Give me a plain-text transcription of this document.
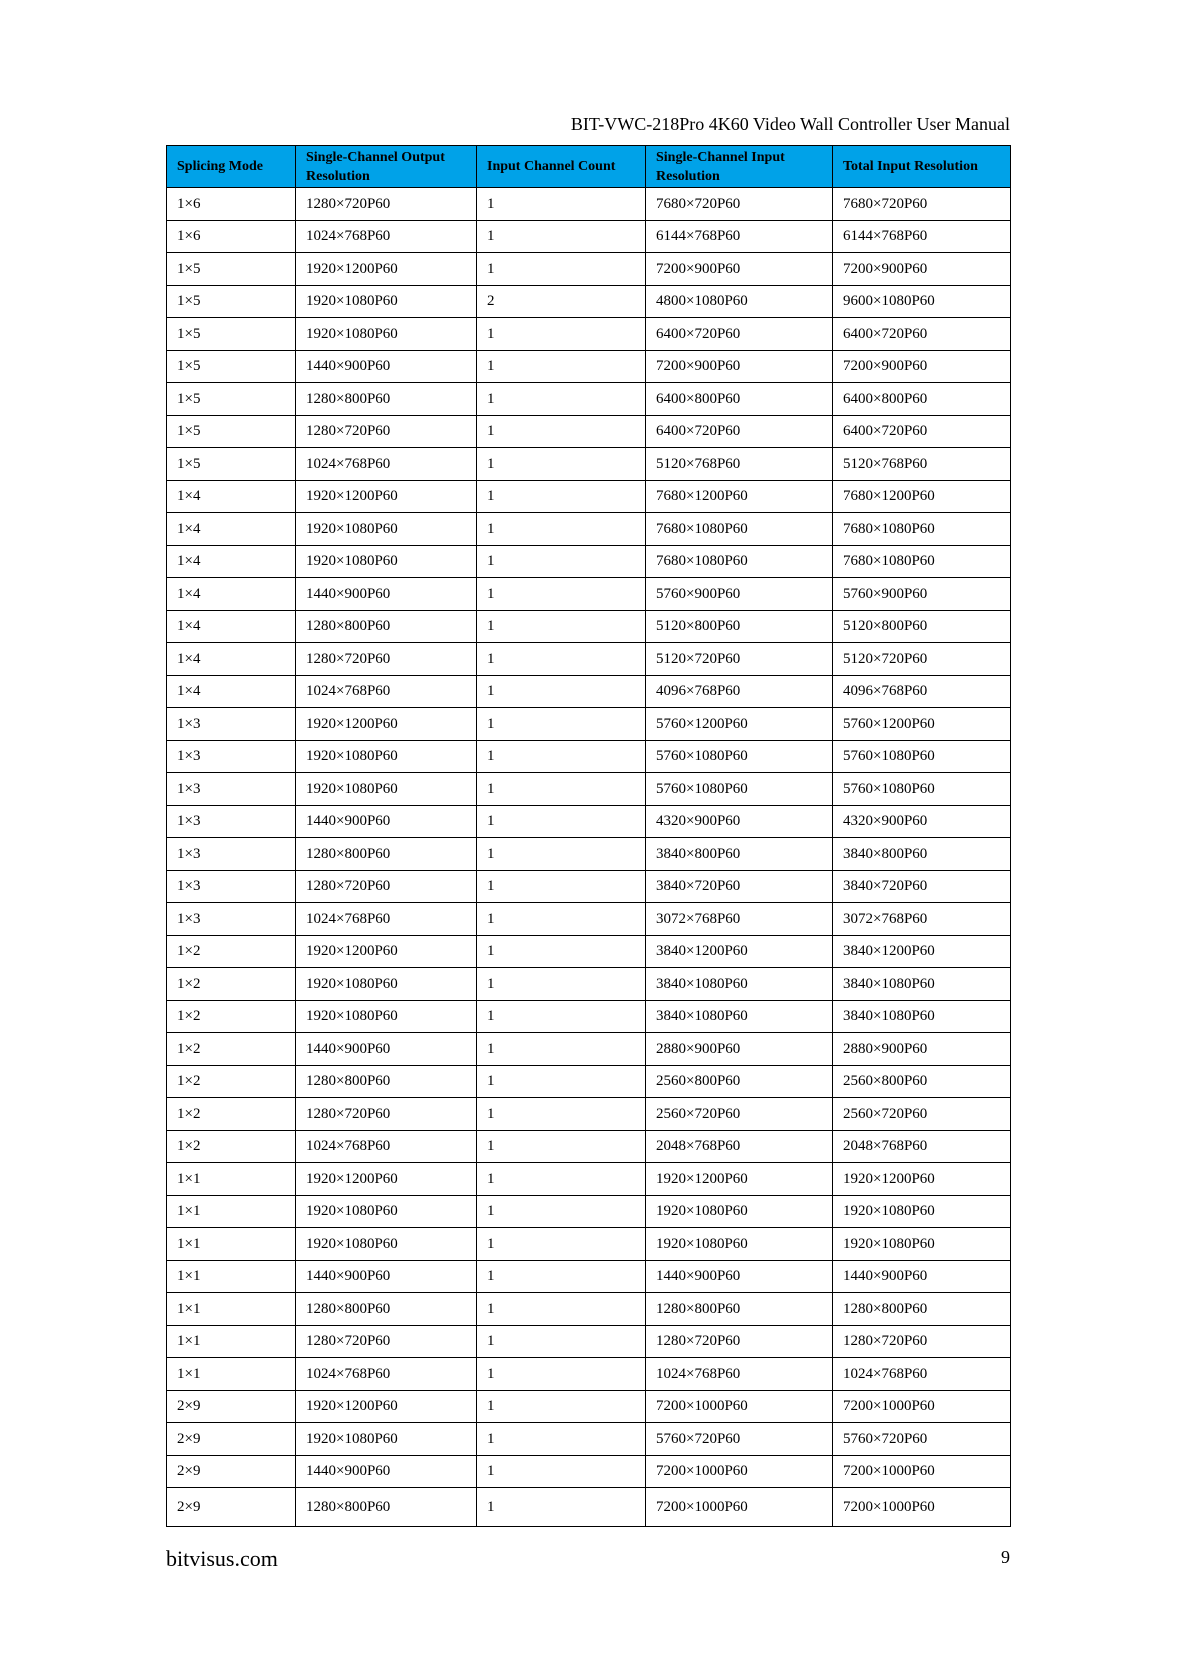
BIT-VWC-218Pro 4K60 Video Wall Controller User Manual
Splicing Mode	Single-Channel Output Resolution	Input Channel Count	Single-Channel Input Resolution	Total Input Resolution
1×6	1280×720P60	1	7680×720P60	7680×720P60
1×6	1024×768P60	1	6144×768P60	6144×768P60
1×5	1920×1200P60	1	7200×900P60	7200×900P60
1×5	1920×1080P60	2	4800×1080P60	9600×1080P60
1×5	1920×1080P60	1	6400×720P60	6400×720P60
1×5	1440×900P60	1	7200×900P60	7200×900P60
1×5	1280×800P60	1	6400×800P60	6400×800P60
1×5	1280×720P60	1	6400×720P60	6400×720P60
1×5	1024×768P60	1	5120×768P60	5120×768P60
1×4	1920×1200P60	1	7680×1200P60	7680×1200P60
1×4	1920×1080P60	1	7680×1080P60	7680×1080P60
1×4	1920×1080P60	1	7680×1080P60	7680×1080P60
1×4	1440×900P60	1	5760×900P60	5760×900P60
1×4	1280×800P60	1	5120×800P60	5120×800P60
1×4	1280×720P60	1	5120×720P60	5120×720P60
1×4	1024×768P60	1	4096×768P60	4096×768P60
1×3	1920×1200P60	1	5760×1200P60	5760×1200P60
1×3	1920×1080P60	1	5760×1080P60	5760×1080P60
1×3	1920×1080P60	1	5760×1080P60	5760×1080P60
1×3	1440×900P60	1	4320×900P60	4320×900P60
1×3	1280×800P60	1	3840×800P60	3840×800P60
1×3	1280×720P60	1	3840×720P60	3840×720P60
1×3	1024×768P60	1	3072×768P60	3072×768P60
1×2	1920×1200P60	1	3840×1200P60	3840×1200P60
1×2	1920×1080P60	1	3840×1080P60	3840×1080P60
1×2	1920×1080P60	1	3840×1080P60	3840×1080P60
1×2	1440×900P60	1	2880×900P60	2880×900P60
1×2	1280×800P60	1	2560×800P60	2560×800P60
1×2	1280×720P60	1	2560×720P60	2560×720P60
1×2	1024×768P60	1	2048×768P60	2048×768P60
1×1	1920×1200P60	1	1920×1200P60	1920×1200P60
1×1	1920×1080P60	1	1920×1080P60	1920×1080P60
1×1	1920×1080P60	1	1920×1080P60	1920×1080P60
1×1	1440×900P60	1	1440×900P60	1440×900P60
1×1	1280×800P60	1	1280×800P60	1280×800P60
1×1	1280×720P60	1	1280×720P60	1280×720P60
1×1	1024×768P60	1	1024×768P60	1024×768P60
2×9	1920×1200P60	1	7200×1000P60	7200×1000P60
2×9	1920×1080P60	1	5760×720P60	5760×720P60
2×9	1440×900P60	1	7200×1000P60	7200×1000P60
2×9	1280×800P60	1	7200×1000P60	7200×1000P60
bitvisus.com	9
